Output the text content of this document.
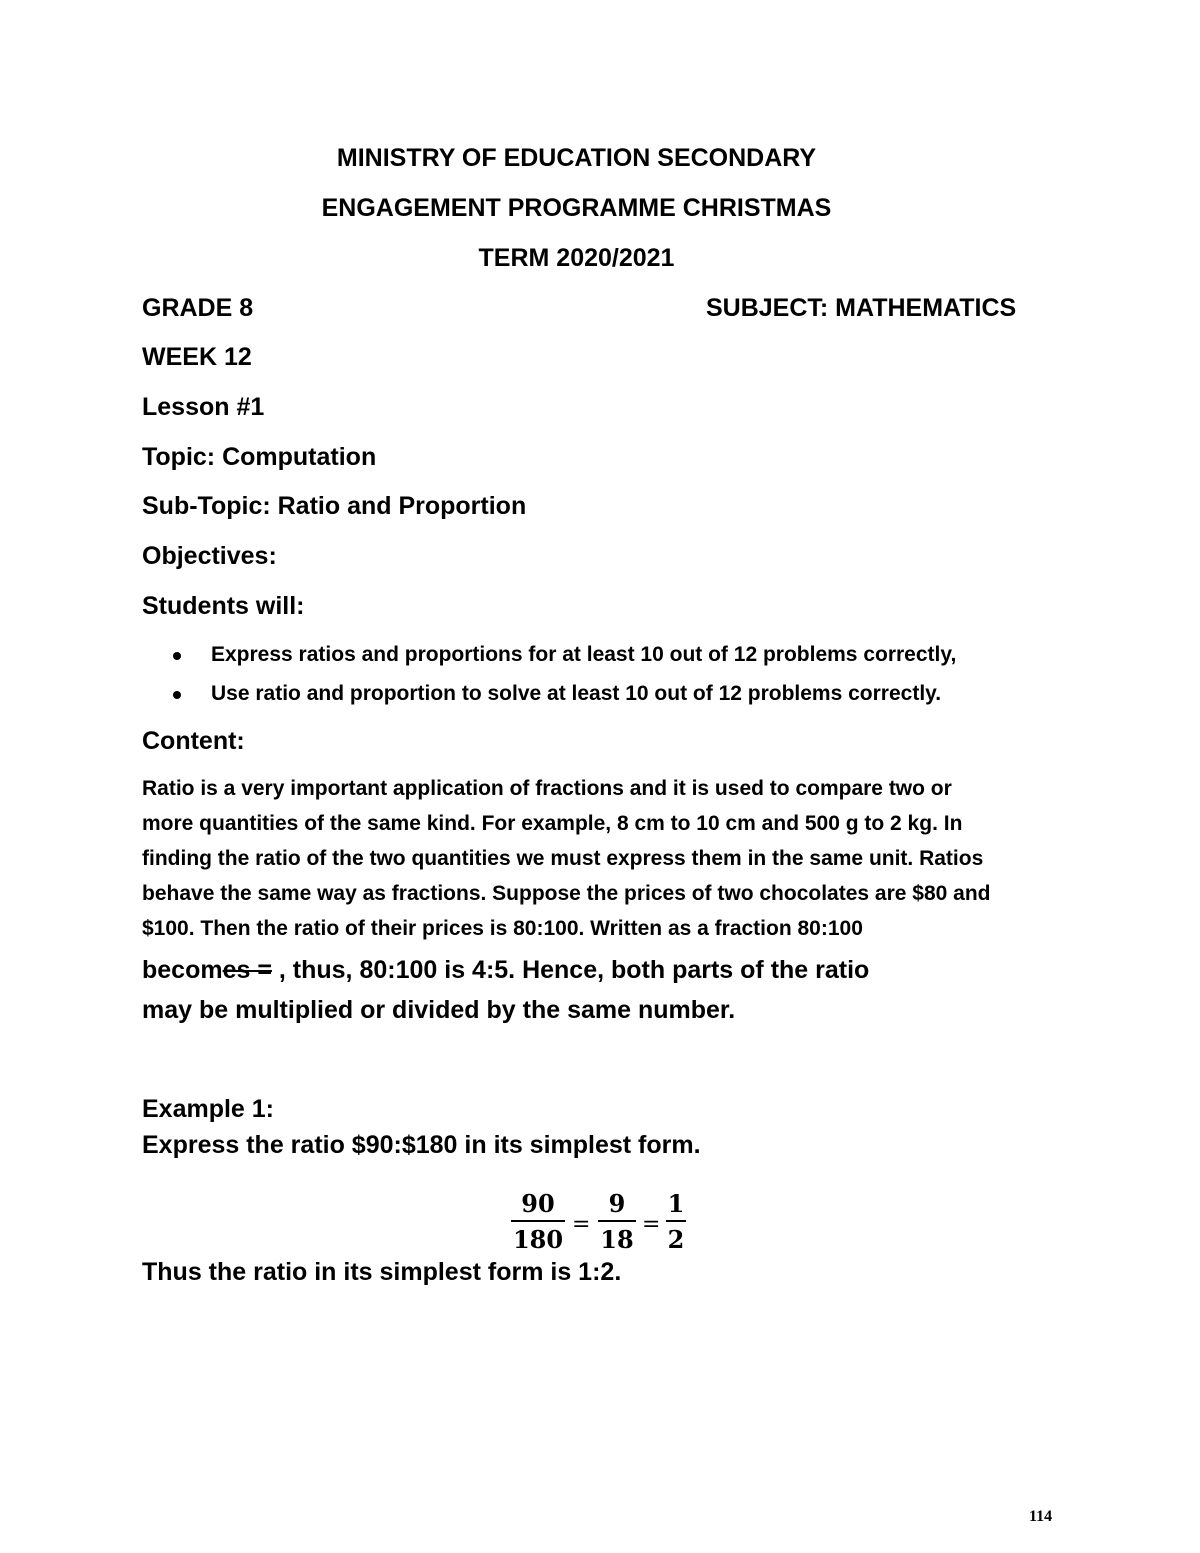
MINISTRY OF EDUCATION SECONDARY
ENGAGEMENT PROGRAMME CHRISTMAS
TERM 2020/2021
GRADE 8	SUBJECT: MATHEMATICS
WEEK 12
Lesson #1
Topic: Computation
Sub-Topic: Ratio and Proportion
Objectives:
Students will:
Express ratios and proportions for at least 10 out of 12 problems correctly,
Use ratio and proportion to solve at least 10 out of 12 problems correctly.
Content:
Ratio is a very important application of fractions and it is used to compare two or
more quantities of the same kind. For example, 8 cm to 10 cm and 500 g to 2 kg. In
finding the ratio of the two quantities we must express them in the same unit. Ratios
behave the same way as fractions. Suppose the prices of two chocolates are $80 and
$100. Then the ratio of their prices is 80:100. Written as a fraction 80:100
becomes = , thus, 80:100 is 4:5. Hence, both parts of the ratio
may be multiplied or divided by the same number.
Example 1:
Express the ratio $90:$180 in its simplest form.
90
180
=
9
18
=
1
2
Thus the ratio in its simplest form is 1:2.
114
